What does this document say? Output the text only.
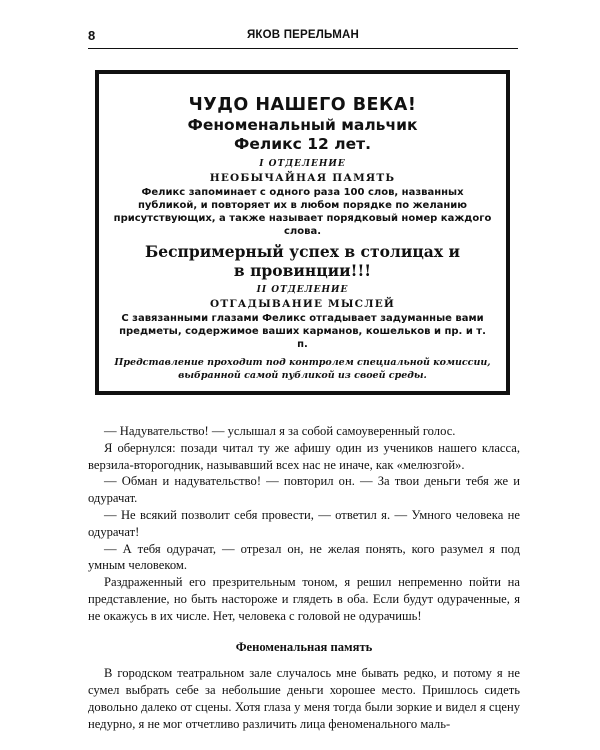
8	ЯКОВ ПЕРЕЛЬМАН
ЧУДО НАШЕГО ВЕКА!
Феноменальный мальчик
Феликс 12 лет.
I ОТДЕЛЕНИЕ
НЕОБЫЧАЙНАЯ ПАМЯТЬ
Феликс запоминает с одного раза 100 слов, названных публикой, и повторяет их в любом порядке по желанию присутствующих, а также называет порядковый номер каждого слова.
Беспримерный успех в столицах и
в провинции!!!
II ОТДЕЛЕНИЕ
ОТГАДЫВАНИЕ МЫСЛЕЙ
С завязанными глазами Феликс отгадывает задуманные вами предметы, содержимое ваших карманов, кошельков и пр. и т. п.
Представление проходит под контролем специальной комиссии, выбранной самой публикой из своей среды.

— Надувательство! — услышал я за собой самоуверенный голос.

Я обернулся: позади читал ту же афишу один из учеников нашего класса, верзила-второгодник, называвший всех нас не иначе, как «мелюзгой».

— Обман и надувательство! — повторил он. — За твои деньги тебя же и одурачат.

— Не всякий позволит себя провести, — ответил я. — Умного человека не одурачат!

— А тебя одурачат, — отрезал он, не желая понять, кого разумел я под умным человеком.

Раздраженный его презрительным тоном, я решил непременно пойти на представление, но быть настороже и глядеть в оба. Если будут одураченные, я не окажусь в их числе. Нет, человека с головой не одурачишь!

Феноменальная память

В городском театральном зале случалось мне бывать редко, и потому я не сумел выбрать себе за небольшие деньги хорошее место. Пришлось сидеть довольно далеко от сцены. Хотя глаза у меня тогда были зоркие и видел я сцену недурно, я не мог отчетливо различить лица феноменального маль-
